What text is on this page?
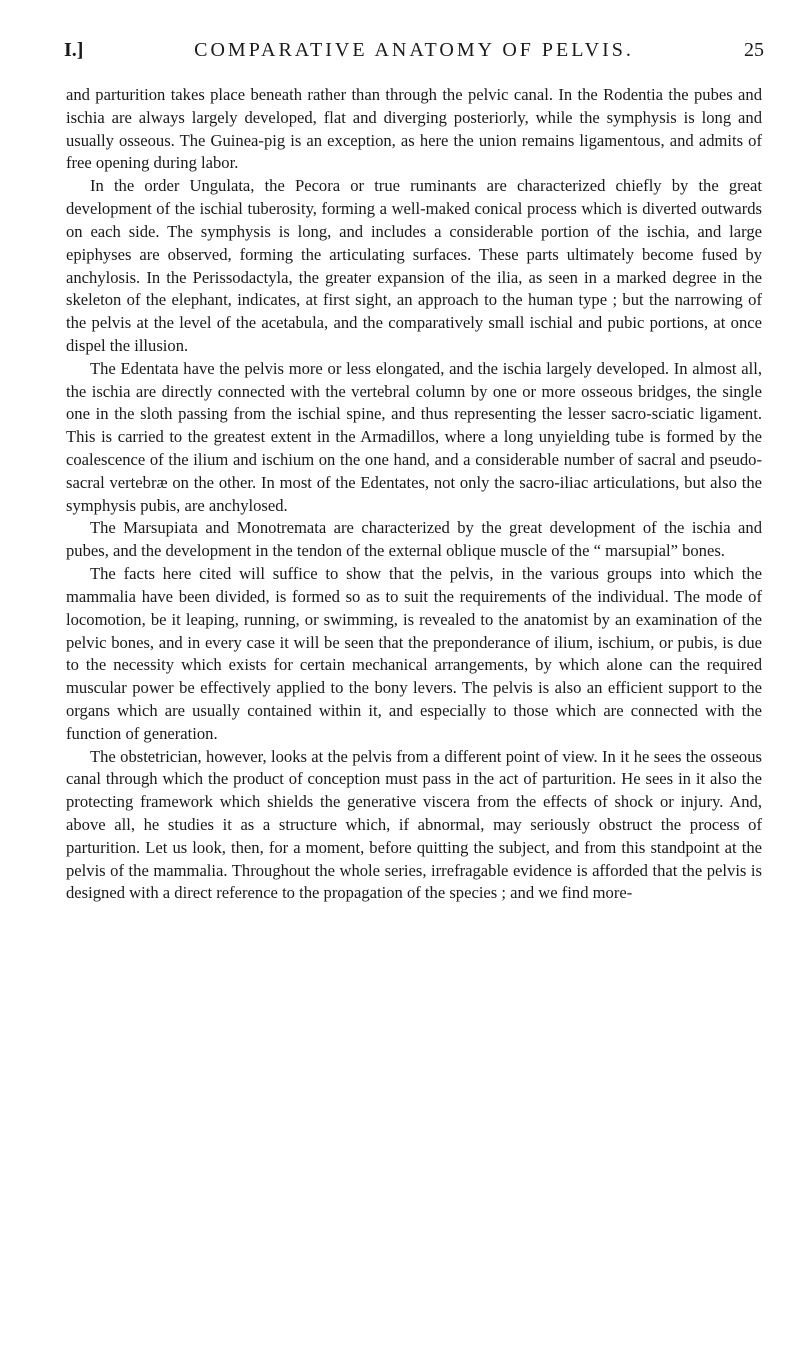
I.]	COMPARATIVE ANATOMY OF PELVIS.	25

and parturition takes place beneath rather than through the pelvic canal. In the Rodentia the pubes and ischia are always largely developed, flat and diverging posteriorly, while the symphysis is long and usually osseous. The Guinea-pig is an exception, as here the union remains ligamentous, and admits of free opening during labor.

In the order Ungulata, the Pecora or true ruminants are characterized chiefly by the great development of the ischial tuberosity, forming a well-maked conical process which is diverted outwards on each side. The symphysis is long, and includes a considerable portion of the ischia, and large epiphyses are observed, forming the articulating surfaces. These parts ultimately become fused by anchylosis. In the Perissodactyla, the greater expansion of the ilia, as seen in a marked degree in the skeleton of the elephant, indicates, at first sight, an approach to the human type ; but the narrowing of the pelvis at the level of the acetabula, and the comparatively small ischial and pubic portions, at once dispel the illusion.

The Edentata have the pelvis more or less elongated, and the ischia largely developed. In almost all, the ischia are directly connected with the vertebral column by one or more osseous bridges, the single one in the sloth passing from the ischial spine, and thus representing the lesser sacro-sciatic ligament. This is carried to the greatest extent in the Armadillos, where a long unyielding tube is formed by the coalescence of the ilium and ischium on the one hand, and a considerable number of sacral and pseudo-sacral vertebræ on the other. In most of the Edentates, not only the sacro-iliac articulations, but also the symphysis pubis, are anchylosed.

The Marsupiata and Monotremata are characterized by the great development of the ischia and pubes, and the development in the tendon of the external oblique muscle of the “ marsupial” bones.

The facts here cited will suffice to show that the pelvis, in the various groups into which the mammalia have been divided, is formed so as to suit the requirements of the individual. The mode of locomotion, be it leaping, running, or swimming, is revealed to the anatomist by an examination of the pelvic bones, and in every case it will be seen that the preponderance of ilium, ischium, or pubis, is due to the necessity which exists for certain mechanical arrangements, by which alone can the required muscular power be effectively applied to the bony levers. The pelvis is also an efficient support to the organs which are usually contained within it, and especially to those which are connected with the function of generation.

The obstetrician, however, looks at the pelvis from a different point of view. In it he sees the osseous canal through which the product of conception must pass in the act of parturition. He sees in it also the protecting framework which shields the generative viscera from the effects of shock or injury. And, above all, he studies it as a structure which, if abnormal, may seriously obstruct the process of parturition. Let us look, then, for a moment, before quitting the subject, and from this standpoint at the pelvis of the mammalia. Throughout the whole series, irrefragable evidence is afforded that the pelvis is designed with a direct reference to the propagation of the species ; and we find more-
